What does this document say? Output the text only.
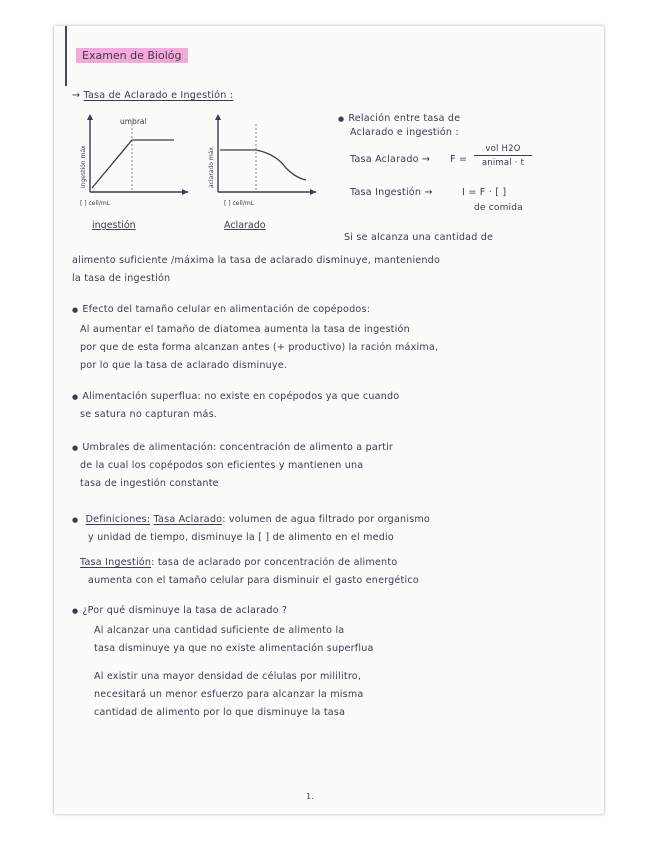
Examen de Biológ
→ Tasa de Aclarado e Ingestión :
umbral
ingestión máx
[ ] cell/mL
ingestión
aclarado máx
[ ] cell/mL
Aclarado
● Relación entre tasa de
Aclarado e ingestión :
Tasa Aclarado → F =
vol H2O
animal · t
Tasa Ingestión →	I = F · [ ]
de comida
Si se alcanza una cantidad de
alimento suficiente /máxima la tasa de aclarado disminuye, manteniendo
la tasa de ingestión
● Efecto del tamaño celular en alimentación de copépodos:
Al aumentar el tamaño de diatomea aumenta la tasa de ingestión
por que de esta forma alcanzan antes (+ productivo) la ración máxima,
por lo que la tasa de aclarado disminuye.
● Alimentación superflua: no existe en copépodos ya que cuando
se satura no capturan más.
● Umbrales de alimentación: concentración de alimento a partir
de la cual los copépodos son eficientes y mantienen una
tasa de ingestión constante
● Definiciones: Tasa Aclarado: volumen de agua filtrado por organismo
y unidad de tiempo, disminuye la [ ] de alimento en el medio
Tasa Ingestión: tasa de aclarado por concentración de alimento
aumenta con el tamaño celular para disminuir el gasto energético
● ¿Por qué disminuye la tasa de aclarado ?
Al alcanzar una cantidad suficiente de alimento la
tasa disminuye ya que no existe alimentación superflua
Al existir una mayor densidad de células por mililitro,
necesitará un menor esfuerzo para alcanzar la misma
cantidad de alimento por lo que disminuye la tasa
1.
